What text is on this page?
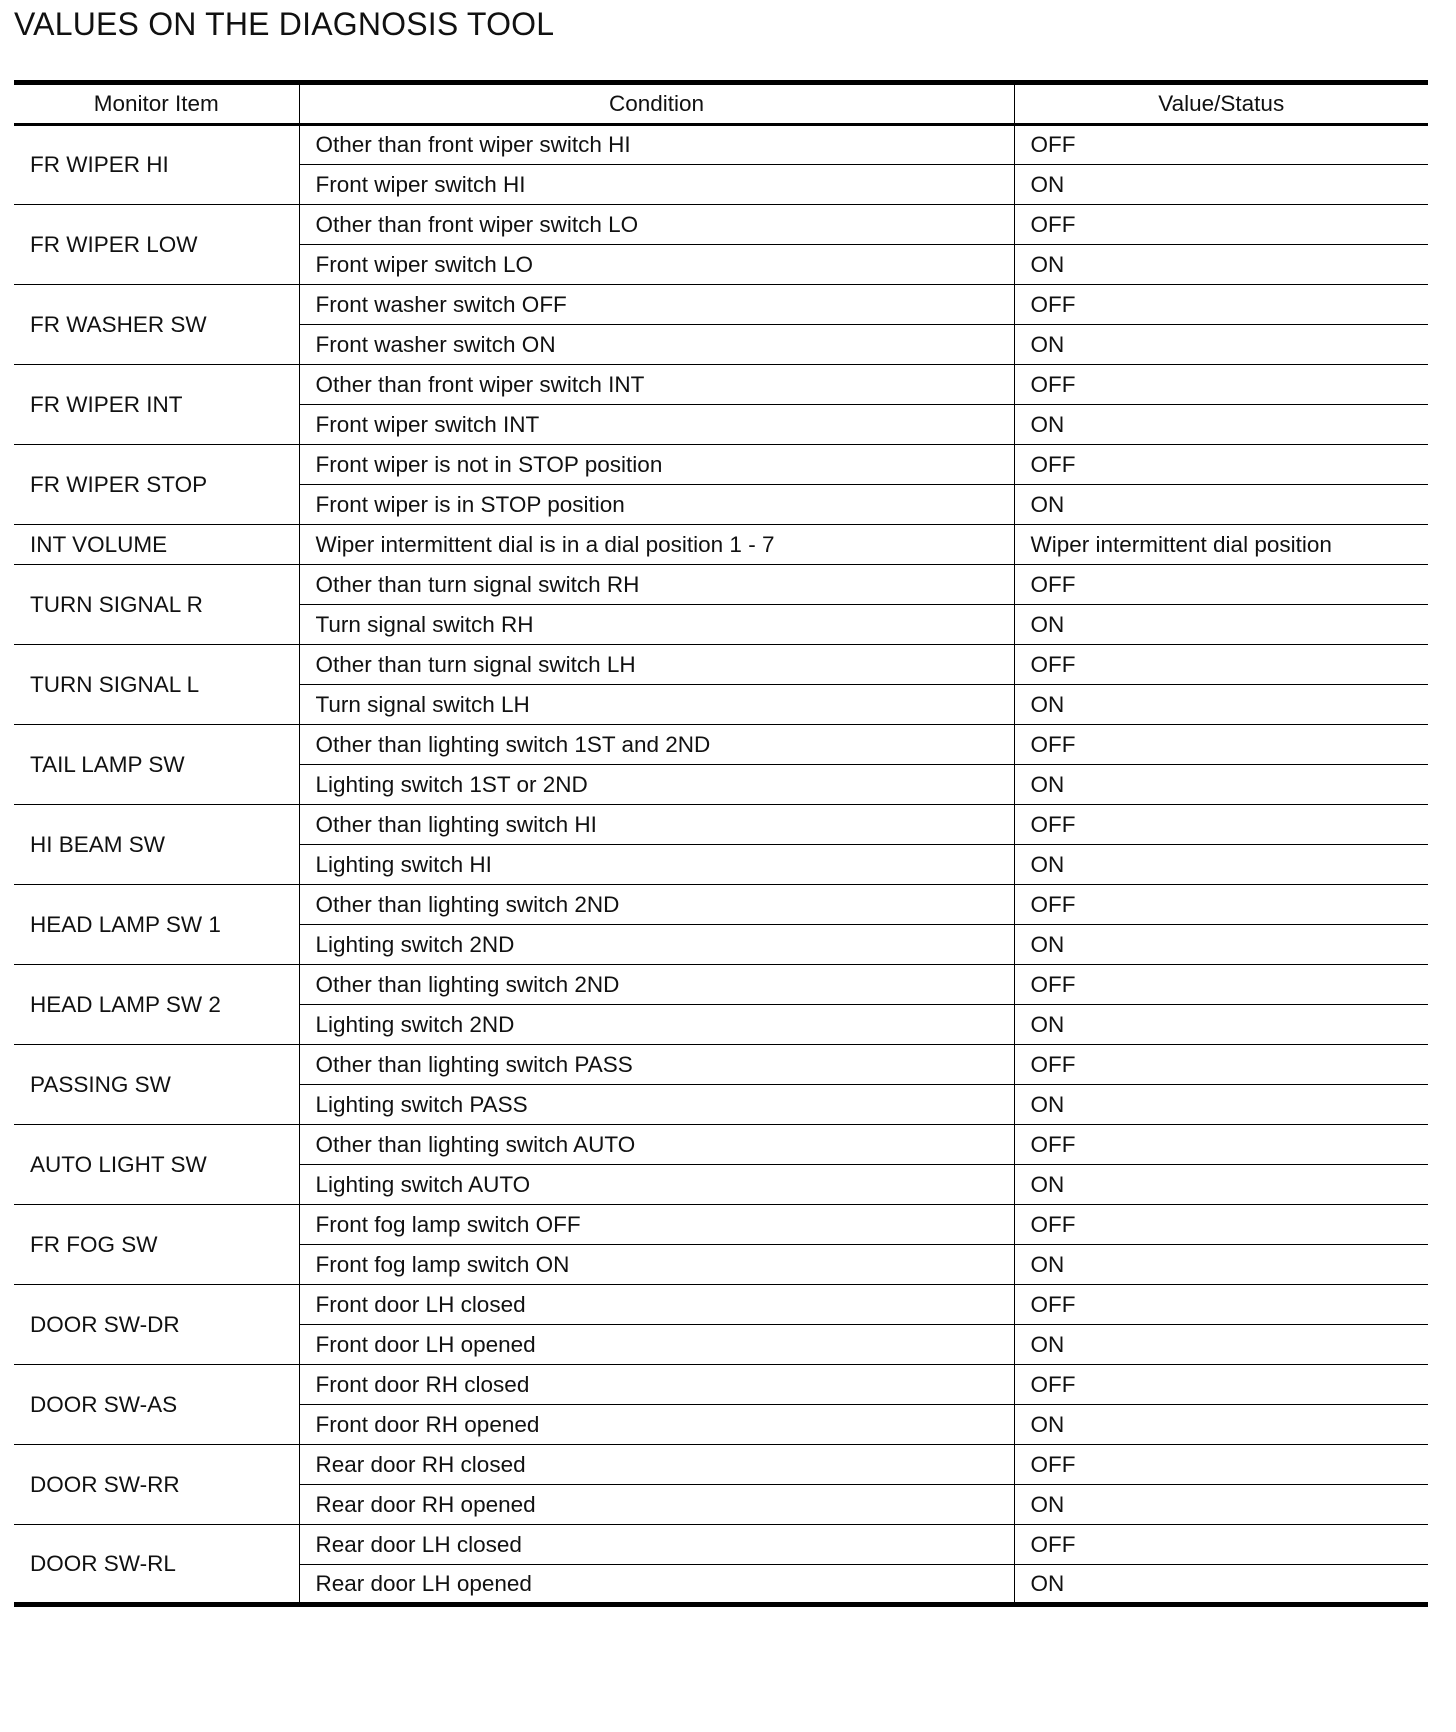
VALUES ON THE DIAGNOSIS TOOL
Monitor Item	Condition	Value/Status
FR WIPER HI	Other than front wiper switch HI	OFF
	Front wiper switch HI	ON
FR WIPER LOW	Other than front wiper switch LO	OFF
	Front wiper switch LO	ON
FR WASHER SW	Front washer switch OFF	OFF
	Front washer switch ON	ON
FR WIPER INT	Other than front wiper switch INT	OFF
	Front wiper switch INT	ON
FR WIPER STOP	Front wiper is not in STOP position	OFF
	Front wiper is in STOP position	ON
INT VOLUME	Wiper intermittent dial is in a dial position 1 - 7	Wiper intermittent dial position
TURN SIGNAL R	Other than turn signal switch RH	OFF
	Turn signal switch RH	ON
TURN SIGNAL L	Other than turn signal switch LH	OFF
	Turn signal switch LH	ON
TAIL LAMP SW	Other than lighting switch 1ST and 2ND	OFF
	Lighting switch 1ST or 2ND	ON
HI BEAM SW	Other than lighting switch HI	OFF
	Lighting switch HI	ON
HEAD LAMP SW 1	Other than lighting switch 2ND	OFF
	Lighting switch 2ND	ON
HEAD LAMP SW 2	Other than lighting switch 2ND	OFF
	Lighting switch 2ND	ON
PASSING SW	Other than lighting switch PASS	OFF
	Lighting switch PASS	ON
AUTO LIGHT SW	Other than lighting switch AUTO	OFF
	Lighting switch AUTO	ON
FR FOG SW	Front fog lamp switch OFF	OFF
	Front fog lamp switch ON	ON
DOOR SW-DR	Front door LH closed	OFF
	Front door LH opened	ON
DOOR SW-AS	Front door RH closed	OFF
	Front door RH opened	ON
DOOR SW-RR	Rear door RH closed	OFF
	Rear door RH opened	ON
DOOR SW-RL	Rear door LH closed	OFF
	Rear door LH opened	ON
